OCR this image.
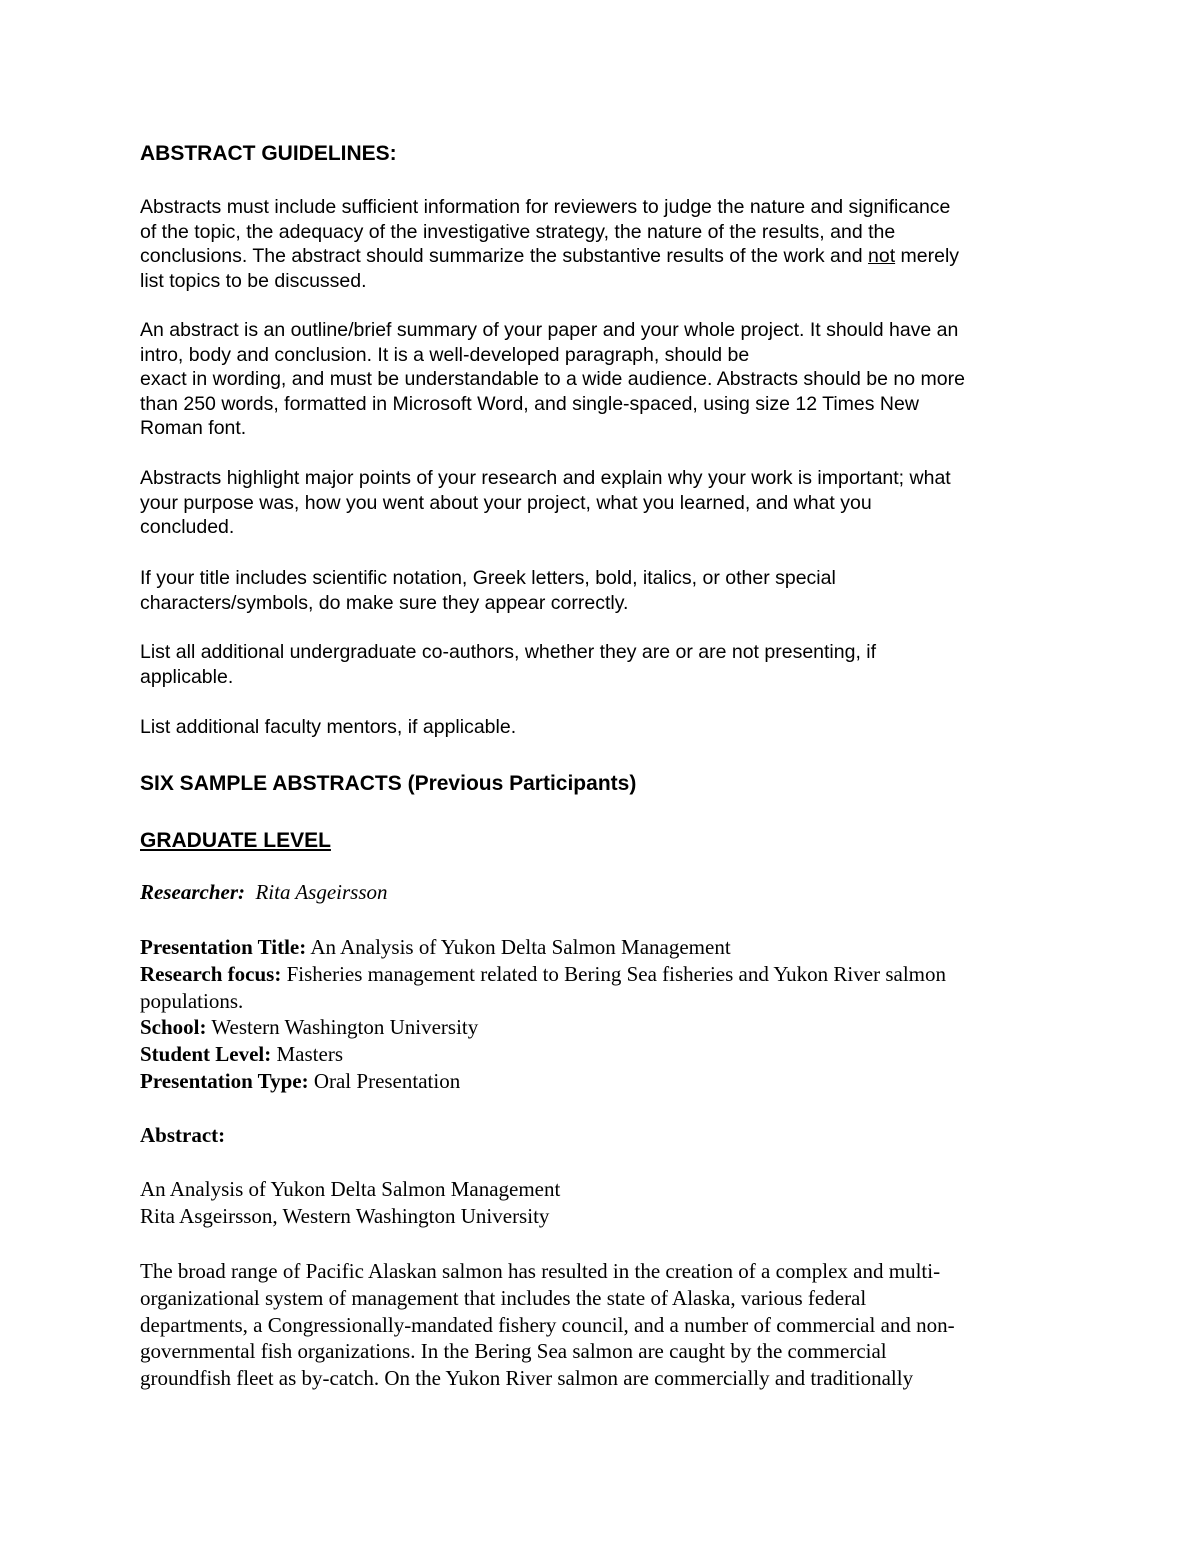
ABSTRACT GUIDELINES:
Abstracts must include sufficient information for reviewers to judge the nature and significance
of the topic, the adequacy of the investigative strategy, the nature of the results, and the
conclusions. The abstract should summarize the substantive results of the work and not merely
list topics to be discussed.
An abstract is an outline/brief summary of your paper and your whole project. It should have an
intro, body and conclusion. It is a well-developed paragraph, should be
exact in wording, and must be understandable to a wide audience. Abstracts should be no more
than 250 words, formatted in Microsoft Word, and single-spaced, using size 12 Times New
Roman font.
Abstracts highlight major points of your research and explain why your work is important; what
your purpose was, how you went about your project, what you learned, and what you
concluded.
If your title includes scientific notation, Greek letters, bold, italics, or other special
characters/symbols, do make sure they appear correctly.
List all additional undergraduate co-authors, whether they are or are not presenting, if
applicable.
List additional faculty mentors, if applicable.
SIX SAMPLE ABSTRACTS (Previous Participants)
GRADUATE LEVEL
Researcher: Rita Asgeirsson
Presentation Title: An Analysis of Yukon Delta Salmon Management
Research focus: Fisheries management related to Bering Sea fisheries and Yukon River salmon
populations.
School: Western Washington University
Student Level: Masters
Presentation Type: Oral Presentation
Abstract:
An Analysis of Yukon Delta Salmon Management
Rita Asgeirsson, Western Washington University
The broad range of Pacific Alaskan salmon has resulted in the creation of a complex and multi-
organizational system of management that includes the state of Alaska, various federal
departments, a Congressionally-mandated fishery council, and a number of commercial and non-
governmental fish organizations. In the Bering Sea salmon are caught by the commercial
groundfish fleet as by-catch. On the Yukon River salmon are commercially and traditionally
